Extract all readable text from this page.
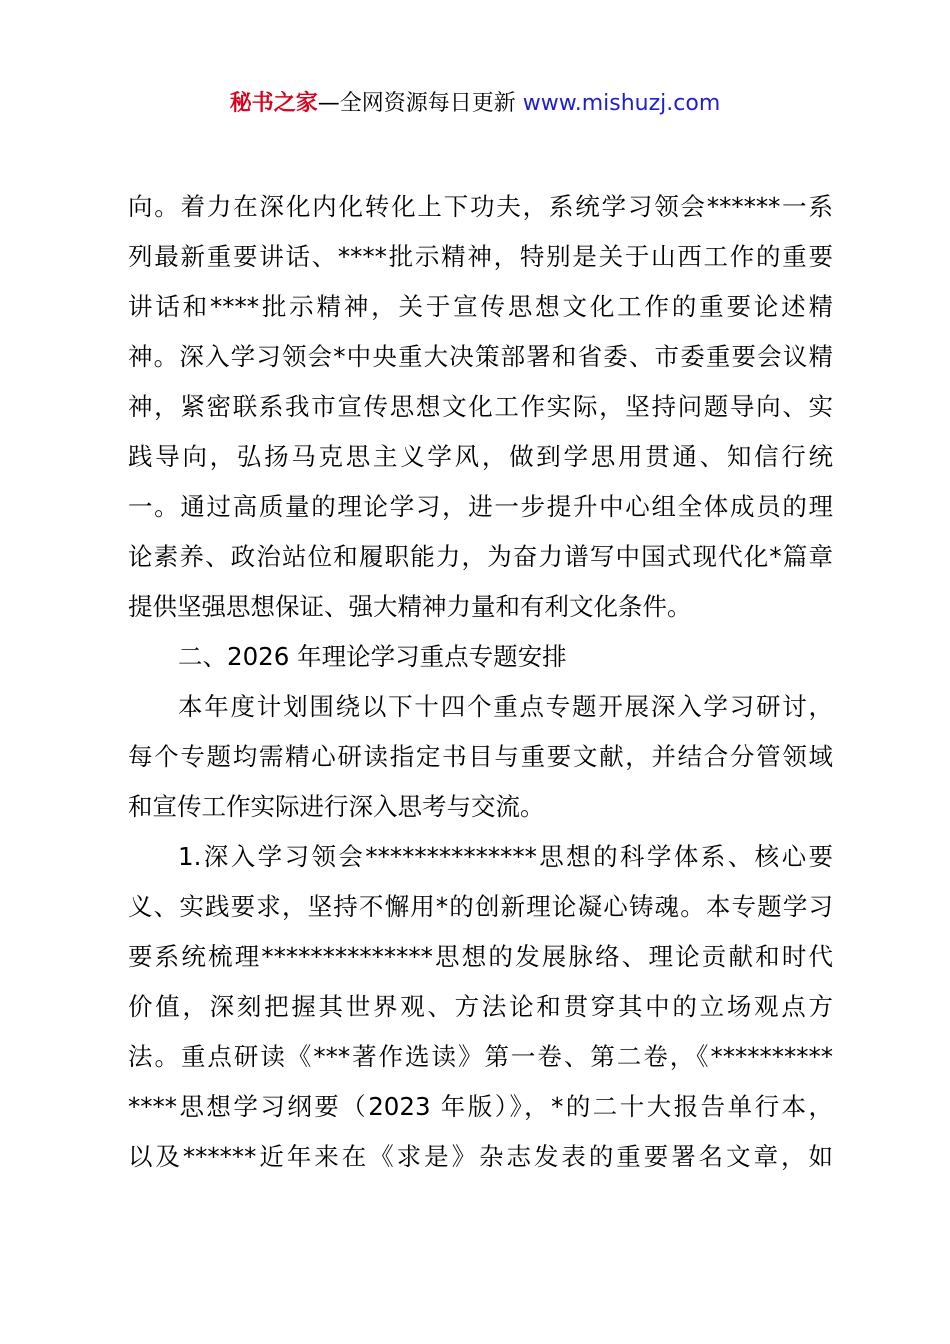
秘书之家—全网资源每日更新 www.mishuzj.com
向。着力在深化内化转化上下功夫，系统学习领会******一系
列最新重要讲话、****批示精神，特别是关于山西工作的重要
讲话和****批示精神，关于宣传思想文化工作的重要论述精
神。深入学习领会*中央重大决策部署和省委、市委重要会议精
神，紧密联系我市宣传思想文化工作实际，坚持问题导向、实
践导向，弘扬马克思主义学风，做到学思用贯通、知信行统
一。通过高质量的理论学习，进一步提升中心组全体成员的理
论素养、政治站位和履职能力，为奋力谱写中国式现代化*篇章
提供坚强思想保证、强大精神力量和有利文化条件。
二、2026 年理论学习重点专题安排
本年度计划围绕以下十四个重点专题开展深入学习研讨，
每个专题均需精心研读指定书目与重要文献，并结合分管领域
和宣传工作实际进行深入思考与交流。
1.深入学习领会**************思想的科学体系、核心要
义、实践要求，坚持不懈用*的创新理论凝心铸魂。本专题学习
要系统梳理**************思想的发展脉络、理论贡献和时代
价值，深刻把握其世界观、方法论和贯穿其中的立场观点方
法。重点研读《***著作选读》第一卷、第二卷，《**********
****思想学习纲要（2023 年版）》，*的二十大报告单行本，
以及******近年来在《求是》杂志发表的重要署名文章，如
